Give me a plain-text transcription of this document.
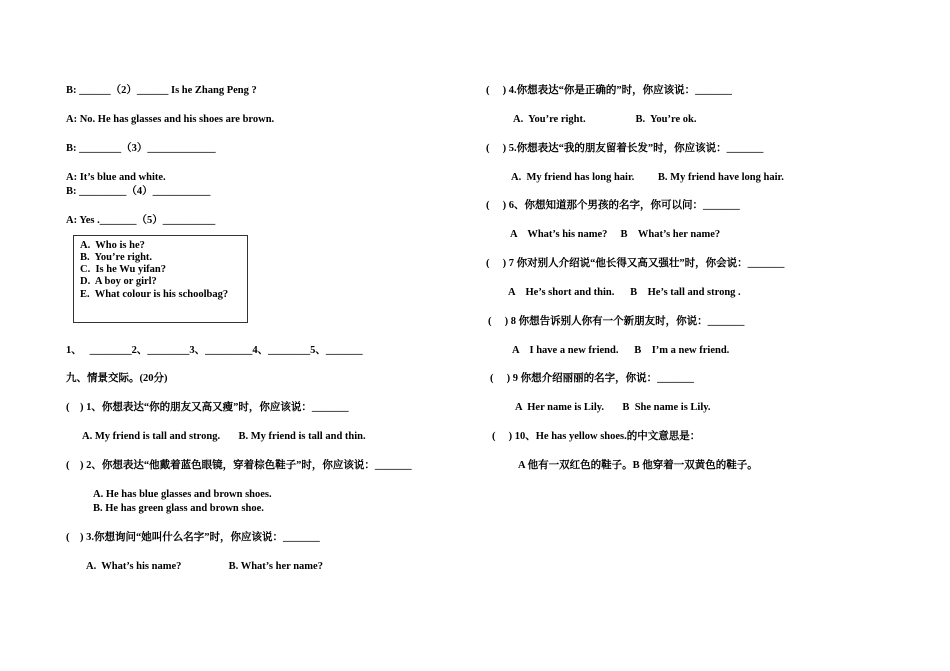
B: ______（2）______ Is he Zhang Peng ?
A: No. He has glasses and his shoes are brown.
B: ________（3）_____________
A: It’s blue and white.
B: _________（4）___________
A: Yes ._______（5）__________
A.  Who is he?
B.  You’re right.
C.  Is he Wu yifan?
D.  A boy or girl?
E.  What colour is his schoolbag?
1、   ________2、________3、_________4、________5、_______
九、情景交际。(20分)
(    ) 1、你想表达“你的朋友又高又瘦”时，你应该说：_______
A. My friend is tall and strong.       B. My friend is tall and thin.
(    ) 2、你想表达“他戴着蓝色眼镜，穿着棕色鞋子”时，你应该说：_______
A. He has blue glasses and brown shoes.
B. He has green glass and brown shoe.
(    ) 3.你想询问“她叫什么名字”时，你应该说：_______
A.  What’s his name?                  B. What’s her name?
(     ) 4.你想表达“你是正确的”时，你应该说：_______
A.  You’re right.                   B.  You’re ok.
(     ) 5.你想表达“我的朋友留着长发”时，你应该说：_______
A.  My friend has long hair.         B. My friend have long hair.
(     ) 6、你想知道那个男孩的名字，你可以问：_______
A    What’s his name?     B    What’s her name?
(     ) 7 你对别人介绍说“他长得又高又强壮”时，你会说：_______
A    He’s short and thin.      B    He’s tall and strong .
(     ) 8 你想告诉别人你有一个新朋友时，你说：_______
A    I have a new friend.      B    I’m a new friend.
(     ) 9 你想介绍丽丽的名字，你说：_______
A  Her name is Lily.       B  She name is Lily.
(     ) 10、He has yellow shoes.的中文意思是：
A 他有一双红色的鞋子。B 他穿着一双黄色的鞋子。
